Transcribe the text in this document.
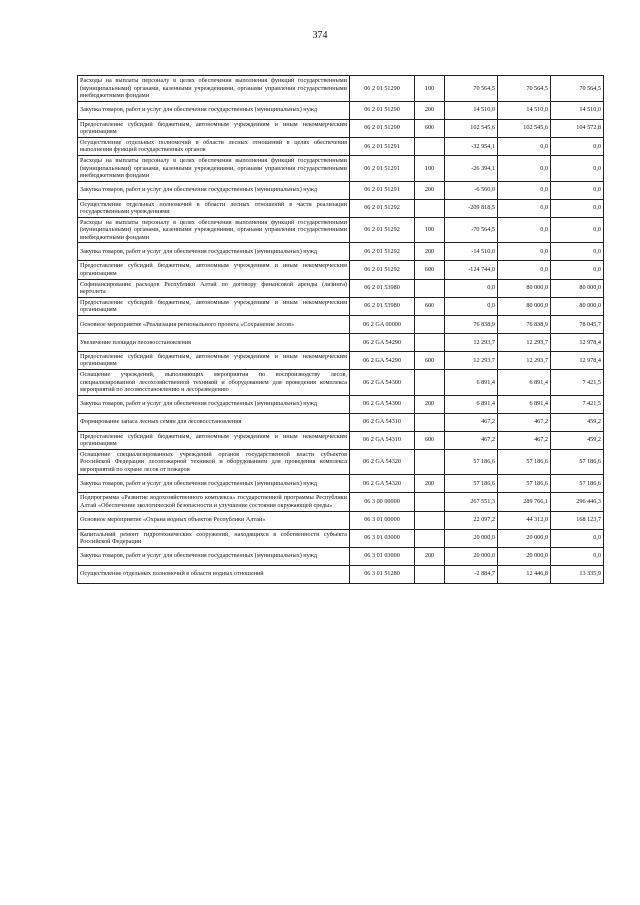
374
Расходы на выплаты персоналу в целях обеспечения выполнения функций государственными (муниципальными) органами, казенными учреждениями, органами управления государственными внебюджетными фондами	06 2 01 51290	100	70 564,5	70 564,5	70 564,5
Закупка товаров, работ и услуг для обеспечения государственных (муниципальных) нужд	06 2 01 51290	200	14 510,0	14 510,0	14 510,0
Предоставление субсидий бюджетным, автономным учреждениям и иным некоммерческим организациям	06 2 01 51290	600	102 545,6	102 545,6	104 572,8
Осуществление отдельных полномочий в области лесных отношений в целях обеспечения выполнения функций государственных органов	06 2 01 51291		-32 954,1	0,0	0,0
Расходы на выплаты персоналу в целях обеспечения выполнения функций государственными (муниципальными) органами, казенными учреждениями, органами управления государственными внебюджетными фондами	06 2 01 51291	100	-26 394,1	0,0	0,0
Закупка товаров, работ и услуг для обеспечения государственных (муниципальных) нужд	06 2 01 51291	200	-6 560,0	0,0	0,0
Осуществление отдельных полномочий в области лесных отношений в части реализации государственными учреждениями	06 2 01 51292		-209 818,5	0,0	0,0
Расходы на выплаты персоналу в целях обеспечения выполнения функций государственными (муниципальными) органами, казенными учреждениями, органами управления государственными внебюджетными фондами	06 2 01 51292	100	-70 564,5	0,0	0,0
Закупка товаров, работ и услуг для обеспечения государственных (муниципальных) нужд	06 2 01 51292	200	-14 510,0	0,0	0,0
Предоставление субсидий бюджетным, автономным учреждениям и иным некоммерческим организациям	06 2 01 51292	600	-124 744,0	0,0	0,0
Софинансирование расходов Республики Алтай по договору финансовой аренды (лизинга) вертолета	06 2 01 53980		0,0	80 000,0	80 000,0
Предоставление субсидий бюджетным, автономным учреждениям и иным некоммерческим организациям	06 2 01 53980	600	0,0	80 000,0	80 000,0
Основное мероприятие «Реализация регионального проекта «Сохранение лесов»	06 2 GA 00000		76 838,9	76 838,9	78 045,7
Увеличение площади лесовосстановления	06 2 GA 54290		12 293,7	12 293,7	12 978,4
Предоставление субсидий бюджетным, автономным учреждениям и иным некоммерческим организациям	06 2 GA 54290	600	12 293,7	12 293,7	12 978,4
Оснащение учреждений, выполняющих мероприятия по воспроизводству лесов, специализированной лесохозяйственной техникой и оборудованием для проведения комплекса мероприятий по лесовосстановлению и лесоразведению	06 2 GA 54300		6 891,4	6 891,4	7 421,5
Закупка товаров, работ и услуг для обеспечения государственных (муниципальных) нужд	06 2 GA 54300	200	6 891,4	6 891,4	7 421,5
Формирование запаса лесных семян для лесовосстановления	06 2 GA 54310		467,2	467,2	459,2
Предоставление субсидий бюджетным, автономным учреждениям и иным некоммерческим организациям	06 2 GA 54310	600	467,2	467,2	459,2
Оснащение специализированных учреждений органов государственной власти субъектов Российской Федерации лесопожарной техникой и оборудованием для проведения комплекса мероприятий по охране лесов от пожаров	06 2 GA 54320		57 186,6	57 186,6	57 186,6
Закупка товаров, работ и услуг для обеспечения государственных (муниципальных) нужд	06 2 GA 54320	200	57 186,6	57 186,6	57 186,6
Подпрограмма «Развитие водохозяйственного комплекса» государственной программы Республики Алтай «Обеспечение экологической безопасности и улучшение состояния окружающей среды»	06 3 00 00000		267 551,3	289 766,1	296 446,3
Основное мероприятие «Охрана водных объектов Республики Алтай»	06 3 01 00000		22 097,2	44 312,0	168 123,7
Капитальный ремонт гидротехнических сооружений, находящихся в собственности субъекта Российской Федерации	06 3 01 03000		20 000,0	20 000,0	0,0
Закупка товаров, работ и услуг для обеспечения государственных (муниципальных) нужд	06 3 01 03000	200	20 000,0	20 000,0	0,0
Осуществление отдельных полномочий в области водных отношений	06 3 01 51280		-2 884,7	12 446,8	13 335,9
